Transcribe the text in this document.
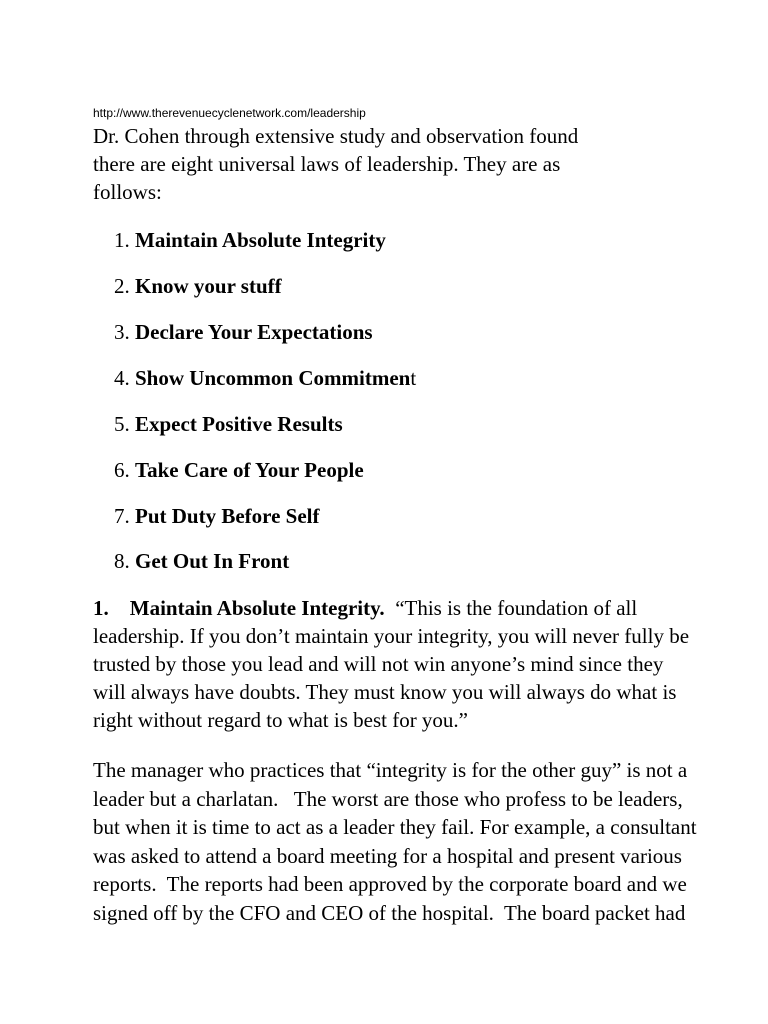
http://www.therevenuecyclenetwork.com/leadership
Dr. Cohen through extensive study and observation found
there are eight universal laws of leadership. They are as
follows:
1. Maintain Absolute Integrity
2. Know your stuff
3. Declare Your Expectations
4. Show Uncommon Commitment
5. Expect Positive Results
6. Take Care of Your People
7. Put Duty Before Self
8. Get Out In Front
1. Maintain Absolute Integrity.  “This is the foundation of all
leadership. If you don’t maintain your integrity, you will never fully be
trusted by those you lead and will not win anyone’s mind since they
will always have doubts. They must know you will always do what is
right without regard to what is best for you.”
The manager who practices that “integrity is for the other guy” is not a
leader but a charlatan.   The worst are those who profess to be leaders,
but when it is time to act as a leader they fail. For example, a consultant
was asked to attend a board meeting for a hospital and present various
reports.  The reports had been approved by the corporate board and we
signed off by the CFO and CEO of the hospital.  The board packet had
